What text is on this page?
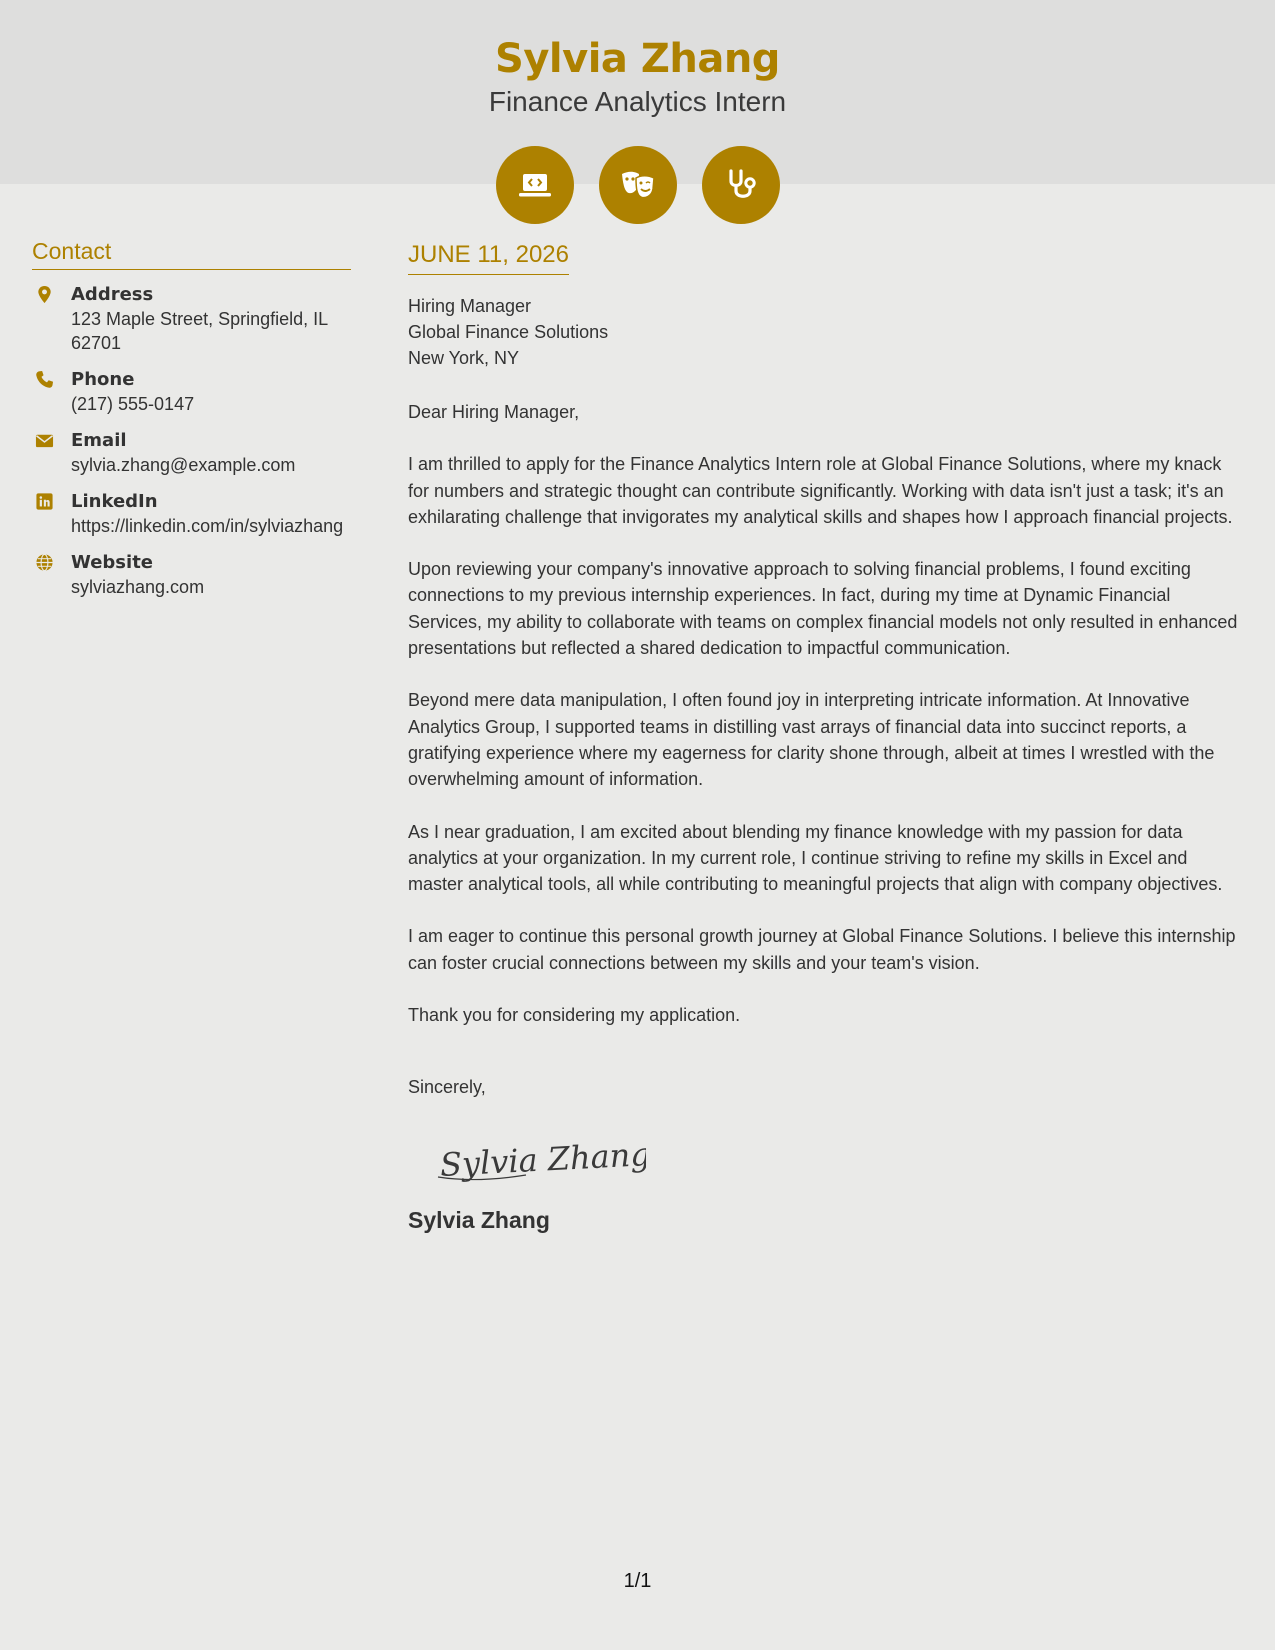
Sylvia Zhang
Finance Analytics Intern
Contact
Address
123 Maple Street, Springfield, IL 62701
Phone
(217) 555-0147
Email
sylvia.zhang@example.com
LinkedIn
https://linkedin.com/in/sylviazhang
Website
sylviazhang.com
JUNE 11, 2026
Hiring Manager
Global Finance Solutions
New York, NY
Dear Hiring Manager,
I am thrilled to apply for the Finance Analytics Intern role at Global Finance Solutions, where my knack for numbers and strategic thought can contribute significantly. Working with data isn't just a task; it's an exhilarating challenge that invigorates my analytical skills and shapes how I approach financial projects.
Upon reviewing your company's innovative approach to solving financial problems, I found exciting connections to my previous internship experiences. In fact, during my time at Dynamic Financial Services, my ability to collaborate with teams on complex financial models not only resulted in enhanced presentations but reflected a shared dedication to impactful communication.
Beyond mere data manipulation, I often found joy in interpreting intricate information. At Innovative Analytics Group, I supported teams in distilling vast arrays of financial data into succinct reports, a gratifying experience where my eagerness for clarity shone through, albeit at times I wrestled with the overwhelming amount of information.
As I near graduation, I am excited about blending my finance knowledge with my passion for data analytics at your organization. In my current role, I continue striving to refine my skills in Excel and master analytical tools, all while contributing to meaningful projects that align with company objectives.
I am eager to continue this personal growth journey at Global Finance Solutions. I believe this internship can foster crucial connections between my skills and your team's vision.
Thank you for considering my application.
Sincerely,
Sylvia Zhang
Sylvia Zhang
1/1
